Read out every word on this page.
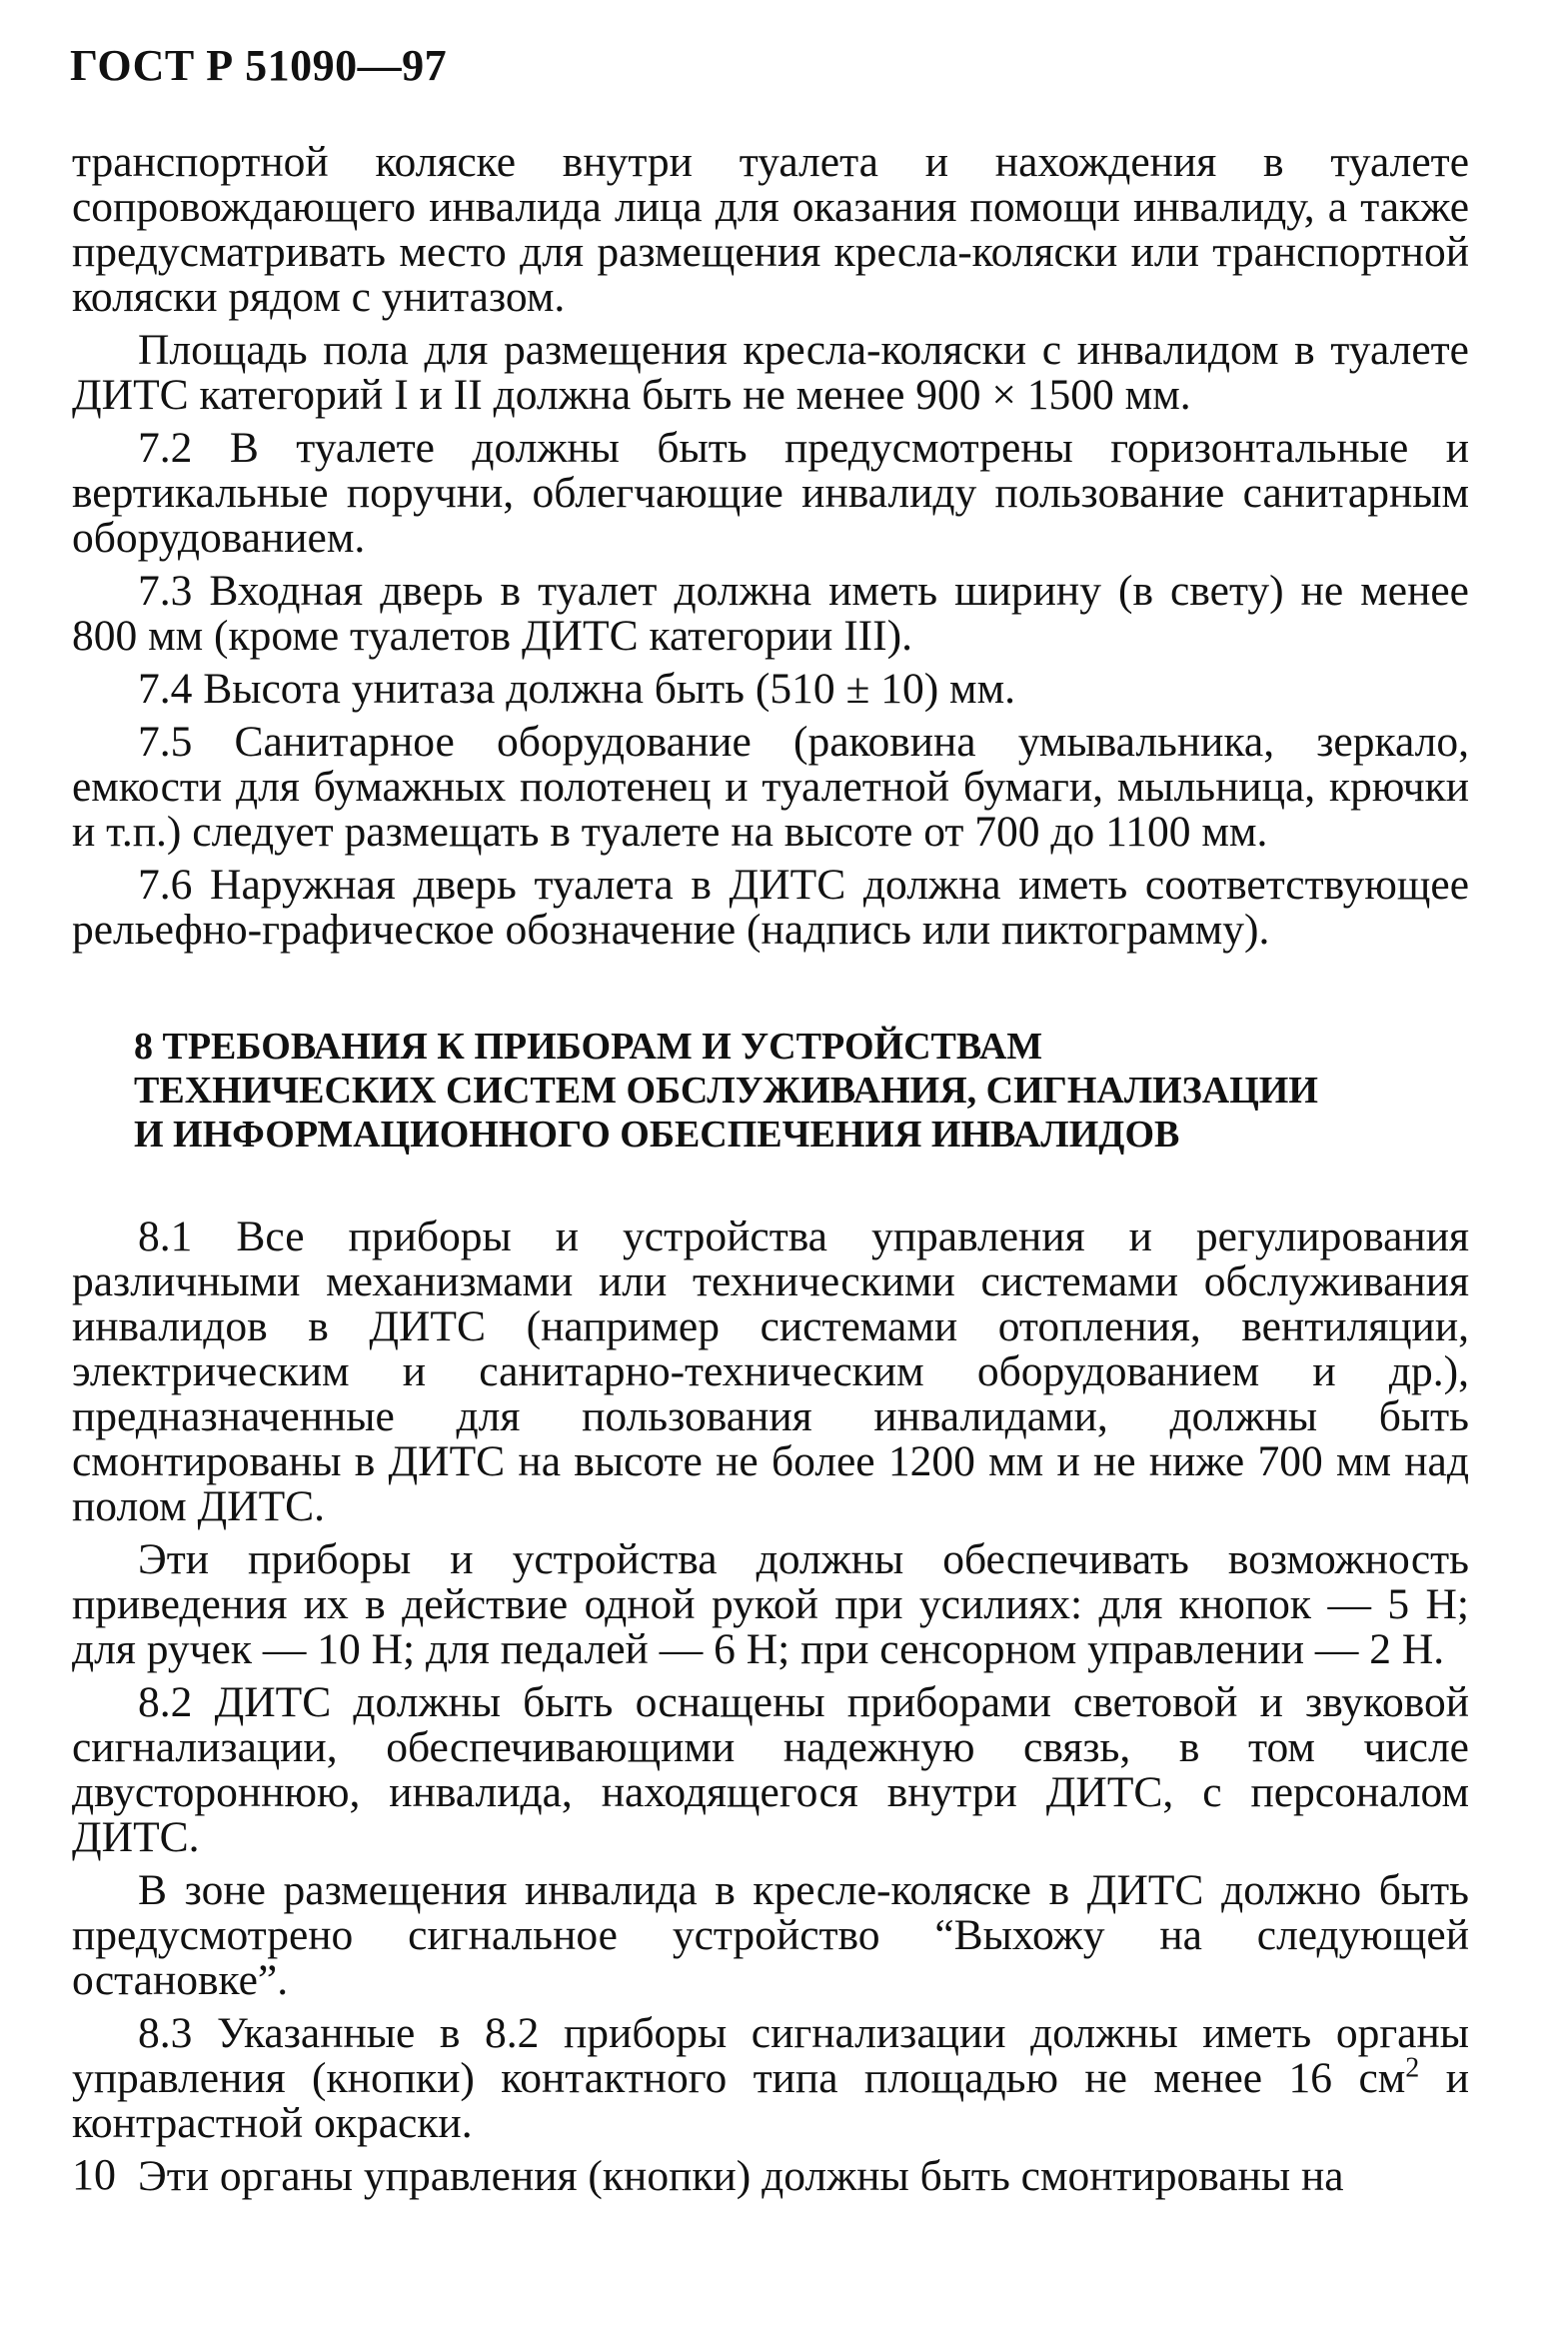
ГОСТ Р 51090—97

транспортной коляске внутри туалета и нахождения в туалете сопровождающего инвалида лица для оказания помощи инвалиду, а также предусматривать место для размещения кресла-коляски или транспортной коляски рядом с унитазом.

Площадь пола для размещения кресла-коляски с инвалидом в туалете ДИТС категорий I и II должна быть не менее 900 × 1500 мм.

7.2 В туалете должны быть предусмотрены горизонтальные и вертикальные поручни, облегчающие инвалиду пользование санитарным оборудованием.

7.3 Входная дверь в туалет должна иметь ширину (в свету) не менее 800 мм (кроме туалетов ДИТС категории III).

7.4 Высота унитаза должна быть (510 ± 10) мм.

7.5 Санитарное оборудование (раковина умывальника, зеркало, емкости для бумажных полотенец и туалетной бумаги, мыльница, крючки и т.п.) следует размещать в туалете на высоте от 700 до 1100 мм.

7.6 Наружная дверь туалета в ДИТС должна иметь соответствующее рельефно-графическое обозначение (надпись или пиктограмму).

8 ТРЕБОВАНИЯ К ПРИБОРАМ И УСТРОЙСТВАМ
ТЕХНИЧЕСКИХ СИСТЕМ ОБСЛУЖИВАНИЯ, СИГНАЛИЗАЦИИ
И ИНФОРМАЦИОННОГО ОБЕСПЕЧЕНИЯ ИНВАЛИДОВ

8.1 Все приборы и устройства управления и регулирования различными механизмами или техническими системами обслуживания инвалидов в ДИТС (например системами отопления, вентиляции, электрическим и санитарно-техническим оборудованием и др.), предназначенные для пользования инвалидами, должны быть смонтированы в ДИТС на высоте не более 1200 мм и не ниже 700 мм над полом ДИТС.

Эти приборы и устройства должны обеспечивать возможность приведения их в действие одной рукой при усилиях: для кнопок — 5 Н; для ручек — 10 Н; для педалей — 6 Н; при сенсорном управлении — 2 Н.

8.2 ДИТС должны быть оснащены приборами световой и звуковой сигнализации, обеспечивающими надежную связь, в том числе двустороннюю, инвалида, находящегося внутри ДИТС, с персоналом ДИТС.

В зоне размещения инвалида в кресле-коляске в ДИТС должно быть предусмотрено сигнальное устройство “Выхожу на следующей остановке”.

8.3 Указанные в 8.2 приборы сигнализации должны иметь органы управления (кнопки) контактного типа площадью не менее 16 $см^2$ и контрастной окраски.

Эти органы управления (кнопки) должны быть смонтированы на

10
